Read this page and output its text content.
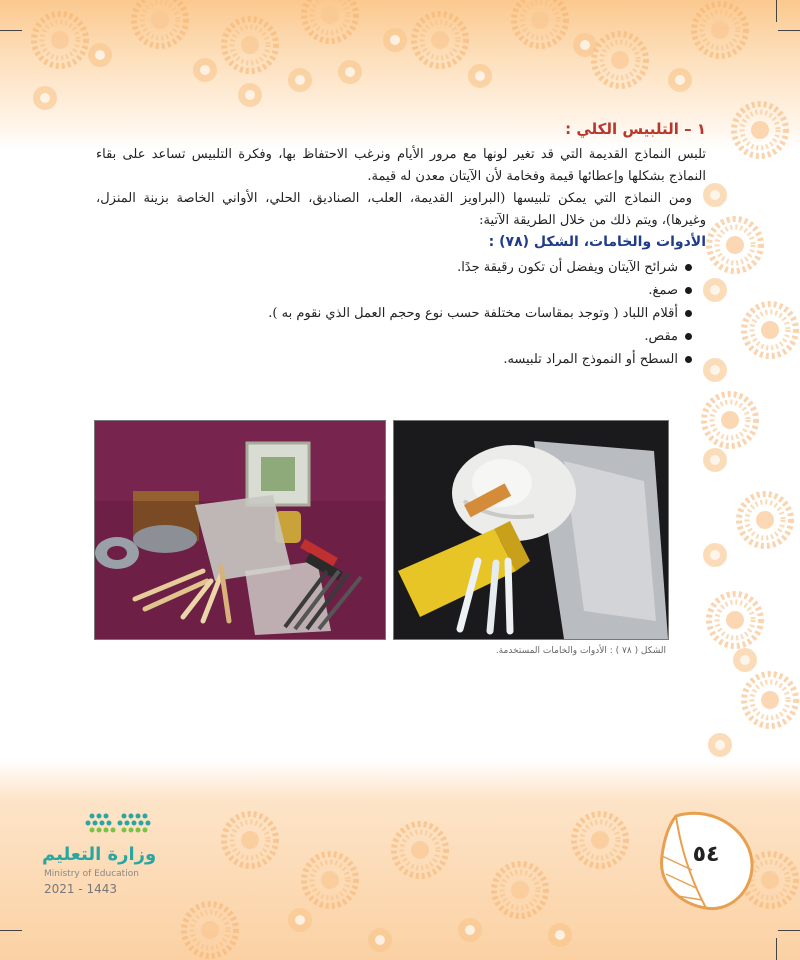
١ – التلبيس الكلي :

تلبس النماذج القديمة التي قد تغير لونها مع مرور الأيام ونرغب الاحتفاظ بها، وفكرة التلبيس تساعد على بقاء النماذج بشكلها وإعطائها قيمة وفخامة لأن الآيتان معدن له قيمة.

ومن النماذج التي يمكن تلبيسها (البراويز القديمة، العلب، الصناديق، الحلي، الأواني الخاصة بزينة المنزل، وغيرها)، ويتم ذلك من خلال الطريقة الآتية:

الأدوات والخامات، الشكل (٧٨) :
شرائح الآيتان ويفضل أن تكون رقيقة جدًا.
صمغ.
أقلام اللباد ( وتوجد بمقاسات مختلفة حسب نوع وحجم العمل الذي نقوم به ).
مقص.
السطح أو النموذج المراد تلبيسه.
الشكل ( ٧٨ ) : الأدوات والخامات المستخدمة.
وزارة التعليم
Ministry of Education
2021 - 1443
٥٤
